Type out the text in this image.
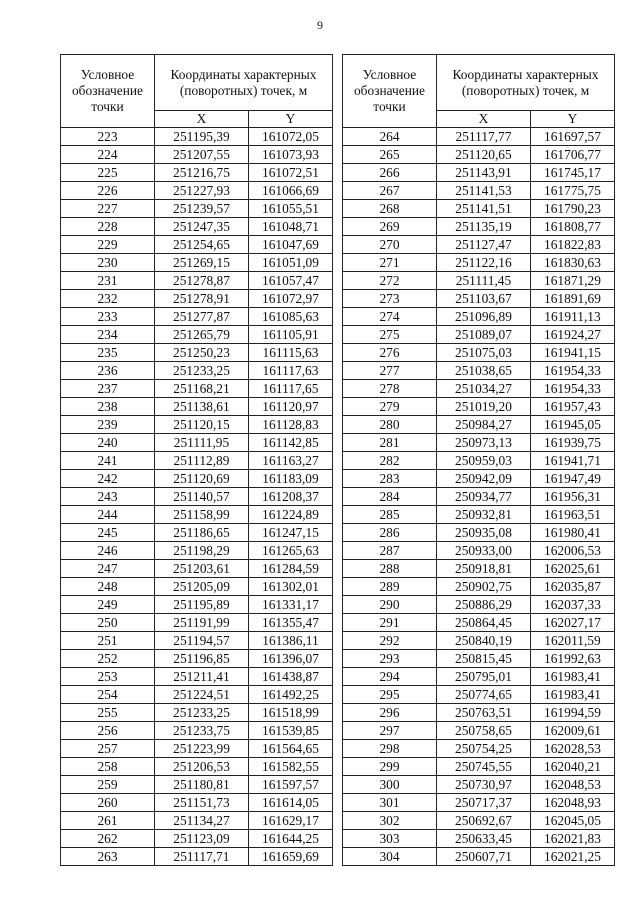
9
Условное обозначение точки	Координаты характерных (поворотных) точек, м	
	X	Y
223	251195,39	161072,05
224	251207,55	161073,93
225	251216,75	161072,51
226	251227,93	161066,69
227	251239,57	161055,51
228	251247,35	161048,71
229	251254,65	161047,69
230	251269,15	161051,09
231	251278,87	161057,47
232	251278,91	161072,97
233	251277,87	161085,63
234	251265,79	161105,91
235	251250,23	161115,63
236	251233,25	161117,63
237	251168,21	161117,65
238	251138,61	161120,97
239	251120,15	161128,83
240	251111,95	161142,85
241	251112,89	161163,27
242	251120,69	161183,09
243	251140,57	161208,37
244	251158,99	161224,89
245	251186,65	161247,15
246	251198,29	161265,63
247	251203,61	161284,59
248	251205,09	161302,01
249	251195,89	161331,17
250	251191,99	161355,47
251	251194,57	161386,11
252	251196,85	161396,07
253	251211,41	161438,87
254	251224,51	161492,25
255	251233,25	161518,99
256	251233,75	161539,85
257	251223,99	161564,65
258	251206,53	161582,55
259	251180,81	161597,57
260	251151,73	161614,05
261	251134,27	161629,17
262	251123,09	161644,25
263	251117,71	161659,69
Условное обозначение точки	Координаты характерных (поворотных) точек, м	
	X	Y
264	251117,77	161697,57
265	251120,65	161706,77
266	251143,91	161745,17
267	251141,53	161775,75
268	251141,51	161790,23
269	251135,19	161808,77
270	251127,47	161822,83
271	251122,16	161830,63
272	251111,45	161871,29
273	251103,67	161891,69
274	251096,89	161911,13
275	251089,07	161924,27
276	251075,03	161941,15
277	251038,65	161954,33
278	251034,27	161954,33
279	251019,20	161957,43
280	250984,27	161945,05
281	250973,13	161939,75
282	250959,03	161941,71
283	250942,09	161947,49
284	250934,77	161956,31
285	250932,81	161963,51
286	250935,08	161980,41
287	250933,00	162006,53
288	250918,81	162025,61
289	250902,75	162035,87
290	250886,29	162037,33
291	250864,45	162027,17
292	250840,19	162011,59
293	250815,45	161992,63
294	250795,01	161983,41
295	250774,65	161983,41
296	250763,51	161994,59
297	250758,65	162009,61
298	250754,25	162028,53
299	250745,55	162040,21
300	250730,97	162048,53
301	250717,37	162048,93
302	250692,67	162045,05
303	250633,45	162021,83
304	250607,71	162021,25
